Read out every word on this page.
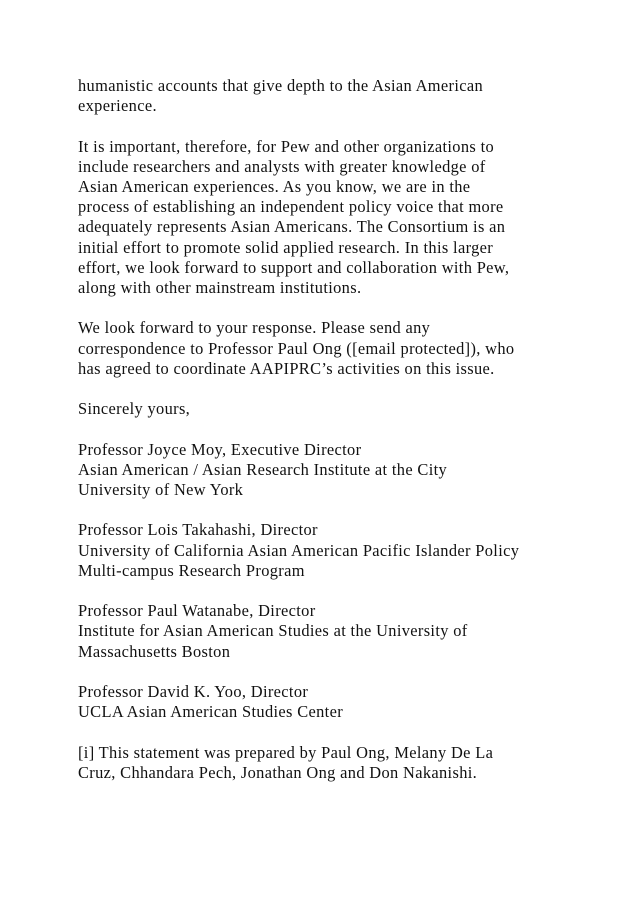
humanistic accounts that give depth to the Asian American
experience.

It is important, therefore, for Pew and other organizations to
include researchers and analysts with greater knowledge of
Asian American experiences. As you know, we are in the
process of establishing an independent policy voice that more
adequately represents Asian Americans. The Consortium is an
initial effort to promote solid applied research. In this larger
effort, we look forward to support and collaboration with Pew,
along with other mainstream institutions.

We look forward to your response. Please send any
correspondence to Professor Paul Ong ([email protected]), who
has agreed to coordinate AAPIPRC’s activities on this issue.

Sincerely yours,

Professor Joyce Moy, Executive Director
Asian American / Asian Research Institute at the City
University of New York

Professor Lois Takahashi, Director
University of California Asian American Pacific Islander Policy
Multi-campus Research Program

Professor Paul Watanabe, Director
Institute for Asian American Studies at the University of
Massachusetts Boston

Professor David K. Yoo, Director
UCLA Asian American Studies Center

[i] This statement was prepared by Paul Ong, Melany De La
Cruz, Chhandara Pech, Jonathan Ong and Don Nakanishi.
